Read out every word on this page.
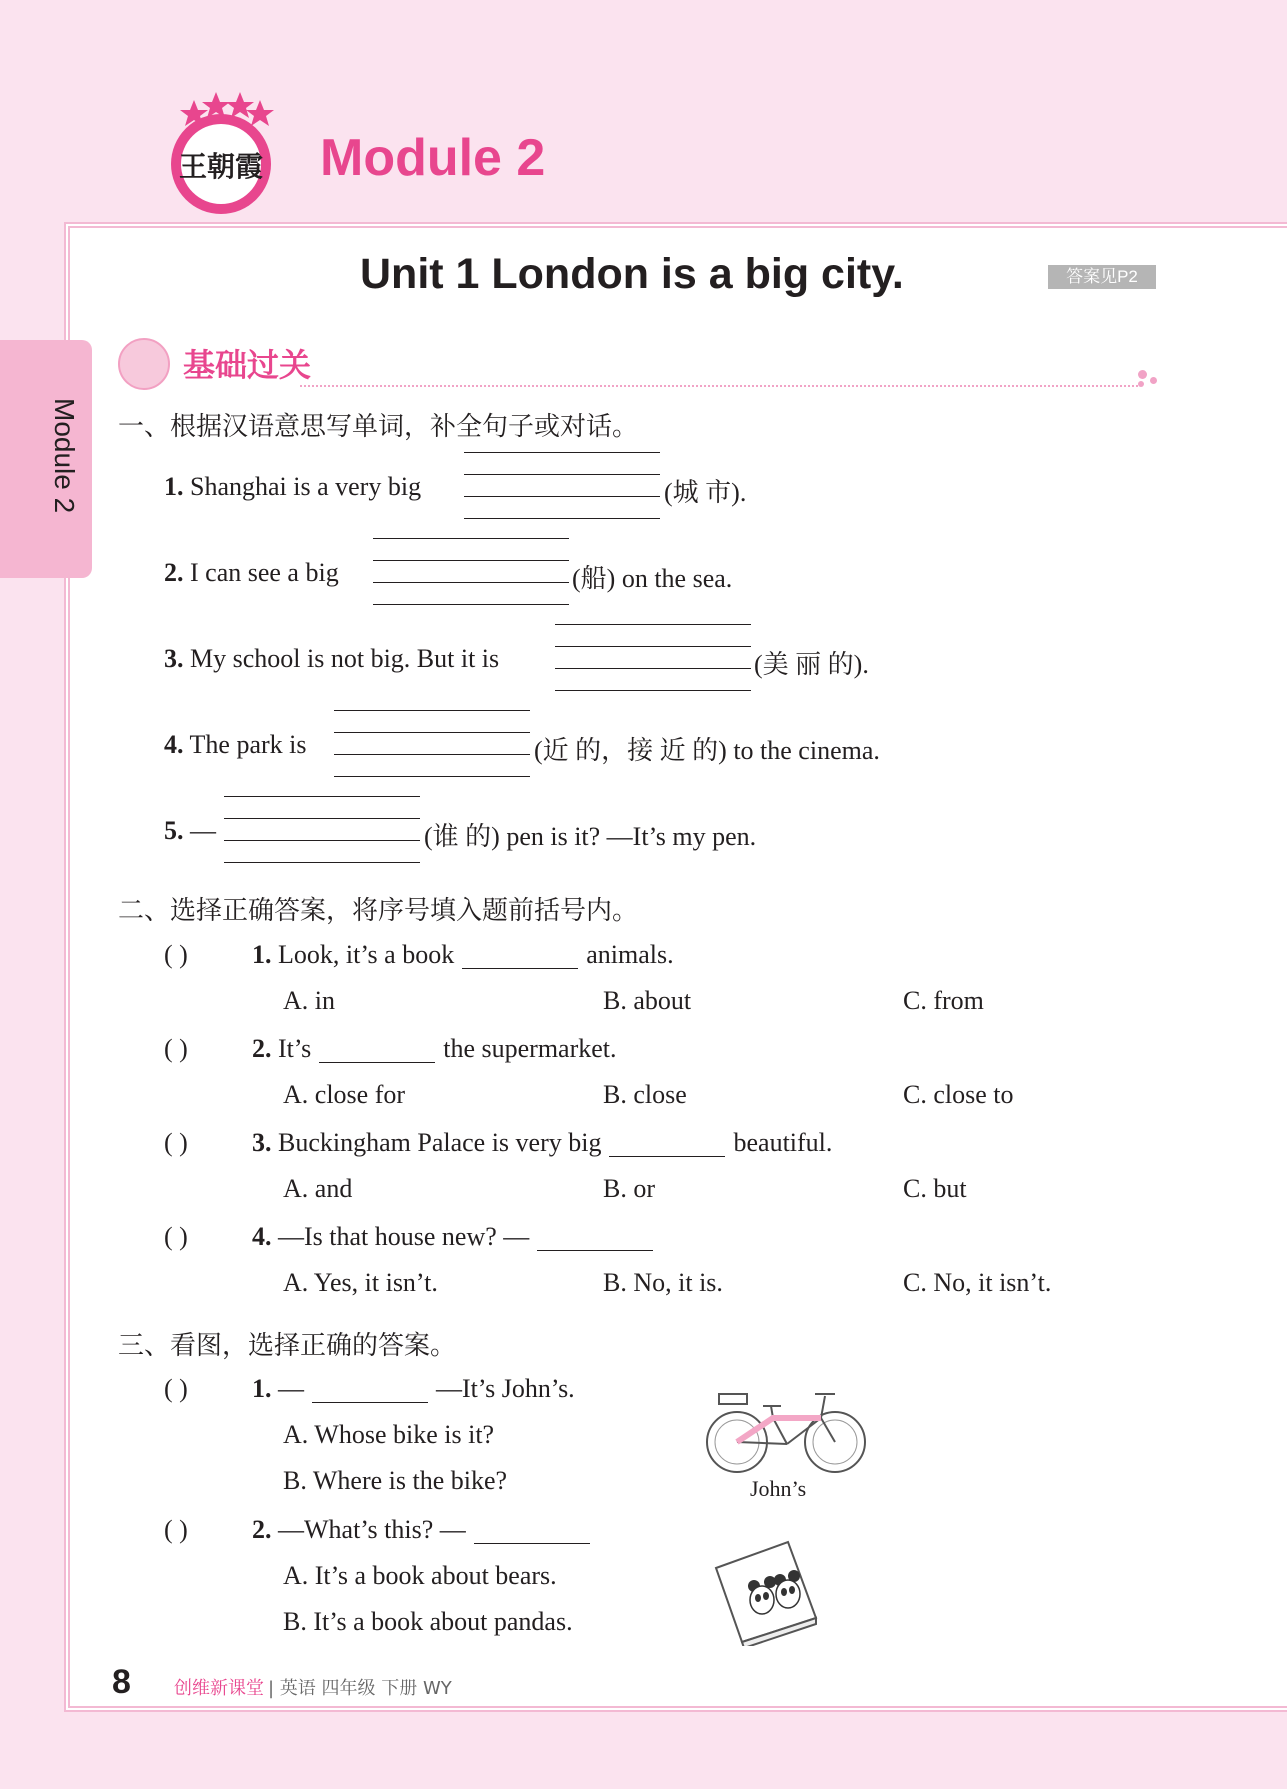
王朝霞 Module 2
Unit 1 London is a big city.	答案见P2
Module 2
基础过关
一、根据汉语意思写单词，补全句子或对话。
1. Shanghai is a very big	(城 市).
2. I can see a big	(船) on the sea.
3. My school is not big. But it is	(美 丽 的).
4. The park is	(近 的，接 近 的) to the cinema.
5. —	(谁 的) pen is it? —It’s my pen.
二、选择正确答案，将序号填入题前括号内。
( ) 1. Look, it’s a book	animals.
A. in	B. about	C. from
( ) 2. It’s	the supermarket.
A. close for	B. close	C. close to
( ) 3. Buckingham Palace is very big	beautiful.
A. and	B. or	C. but
( ) 4. —Is that house new? —
A. Yes, it isn’t.	B. No, it is.	C. No, it isn’t.
三、看图，选择正确的答案。
( ) 1. —	—It’s John’s.
A. Whose bike is it?
B. Where is the bike?	John’s
( ) 2. —What’s this? —
A. It’s a book about bears.
B. It’s a book about pandas.
8 创维新课堂 | 英语 四年级 下册 WY
